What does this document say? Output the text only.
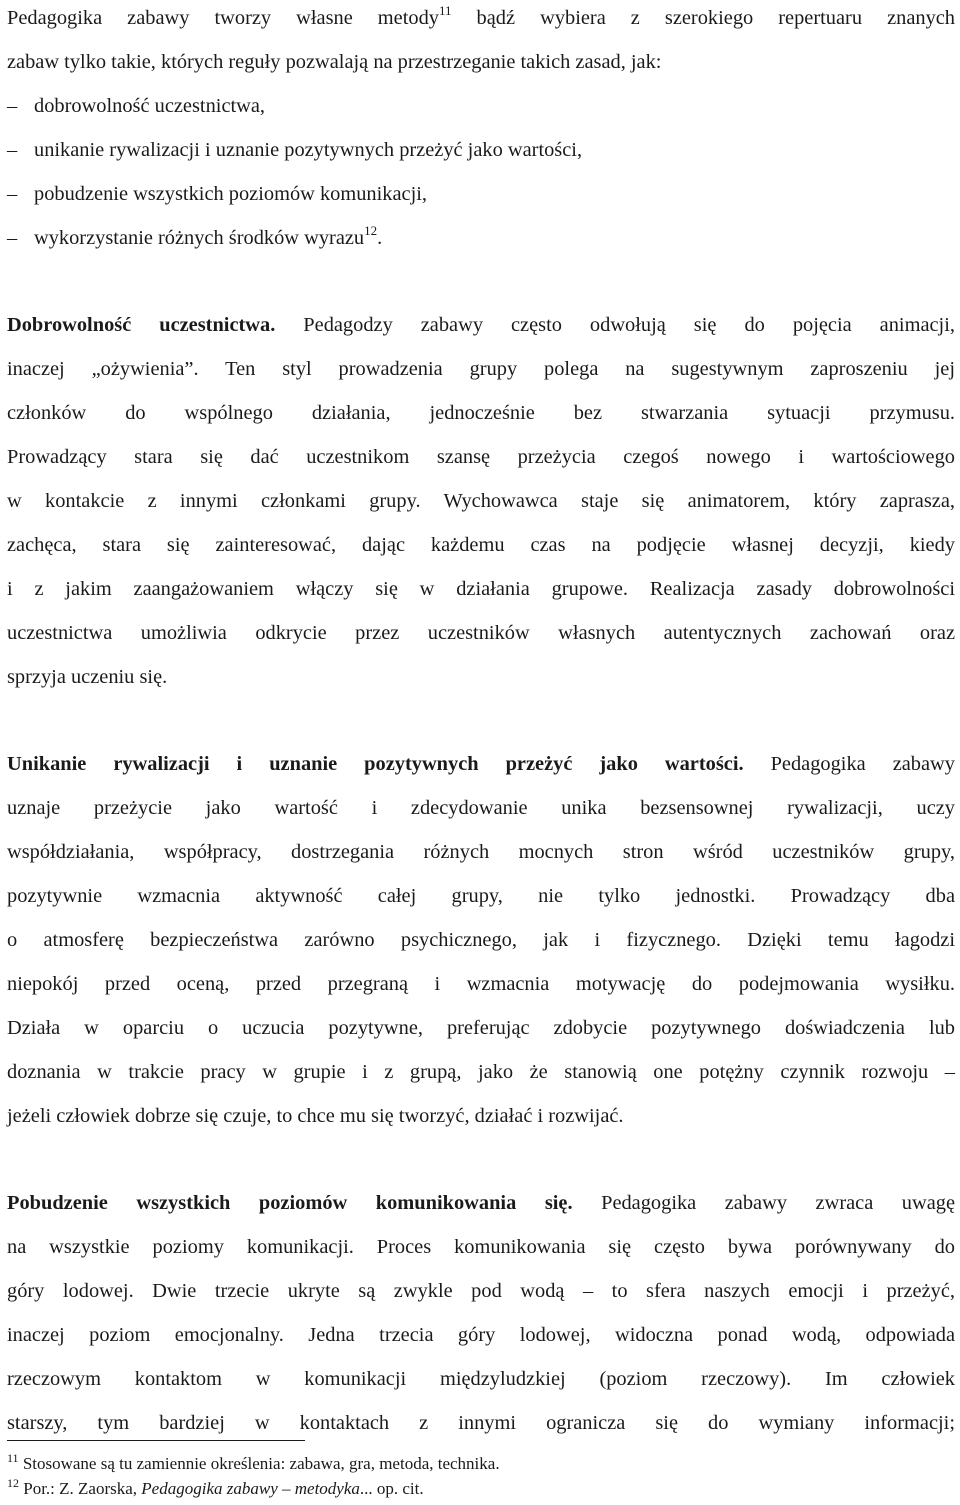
Pedagogika zabawy tworzy własne metody$^{11}$ bądź wybiera z szerokiego repertuaru znanych
zabaw tylko takie, których reguły pozwalają na przestrzeganie takich zasad, jak:
– dobrowolność uczestnictwa,
– unikanie rywalizacji i uznanie pozytywnych przeżyć jako wartości,
– pobudzenie wszystkich poziomów komunikacji,
– wykorzystanie różnych środków wyrazu$^{12}$.
Dobrowolność uczestnictwa. Pedagodzy zabawy często odwołują się do pojęcia animacji,
inaczej „ożywienia”. Ten styl prowadzenia grupy polega na sugestywnym zaproszeniu jej
członków do wspólnego działania, jednocześnie bez stwarzania sytuacji przymusu.
Prowadzący stara się dać uczestnikom szansę przeżycia czegoś nowego i wartościowego
w kontakcie z innymi członkami grupy. Wychowawca staje się animatorem, który zaprasza,
zachęca, stara się zainteresować, dając każdemu czas na podjęcie własnej decyzji, kiedy
i z jakim zaangażowaniem włączy się w działania grupowe. Realizacja zasady dobrowolności
uczestnictwa umożliwia odkrycie przez uczestników własnych autentycznych zachowań oraz
sprzyja uczeniu się.
Unikanie rywalizacji i uznanie pozytywnych przeżyć jako wartości. Pedagogika zabawy
uznaje przeżycie jako wartość i zdecydowanie unika bezsensownej rywalizacji, uczy
współdziałania, współpracy, dostrzegania różnych mocnych stron wśród uczestników grupy,
pozytywnie wzmacnia aktywność całej grupy, nie tylko jednostki. Prowadzący dba
o atmosferę bezpieczeństwa zarówno psychicznego, jak i fizycznego. Dzięki temu łagodzi
niepokój przed oceną, przed przegraną i wzmacnia motywację do podejmowania wysiłku.
Działa w oparciu o uczucia pozytywne, preferując zdobycie pozytywnego doświadczenia lub
doznania w trakcie pracy w grupie i z grupą, jako że stanowią one potężny czynnik rozwoju –
jeżeli człowiek dobrze się czuje, to chce mu się tworzyć, działać i rozwijać.
Pobudzenie wszystkich poziomów komunikowania się. Pedagogika zabawy zwraca uwagę
na wszystkie poziomy komunikacji. Proces komunikowania się często bywa porównywany do
góry lodowej. Dwie trzecie ukryte są zwykle pod wodą – to sfera naszych emocji i przeżyć,
inaczej poziom emocjonalny. Jedna trzecia góry lodowej, widoczna ponad wodą, odpowiada
rzeczowym kontaktom w komunikacji międzyludzkiej (poziom rzeczowy). Im człowiek
starszy, tym bardziej w kontaktach z innymi ogranicza się do wymiany informacji;
$^{11}$ Stosowane są tu zamiennie określenia: zabawa, gra, metoda, technika.
$^{12}$ Por.: Z. Zaorska, Pedagogika zabawy – metodyka... op. cit.
